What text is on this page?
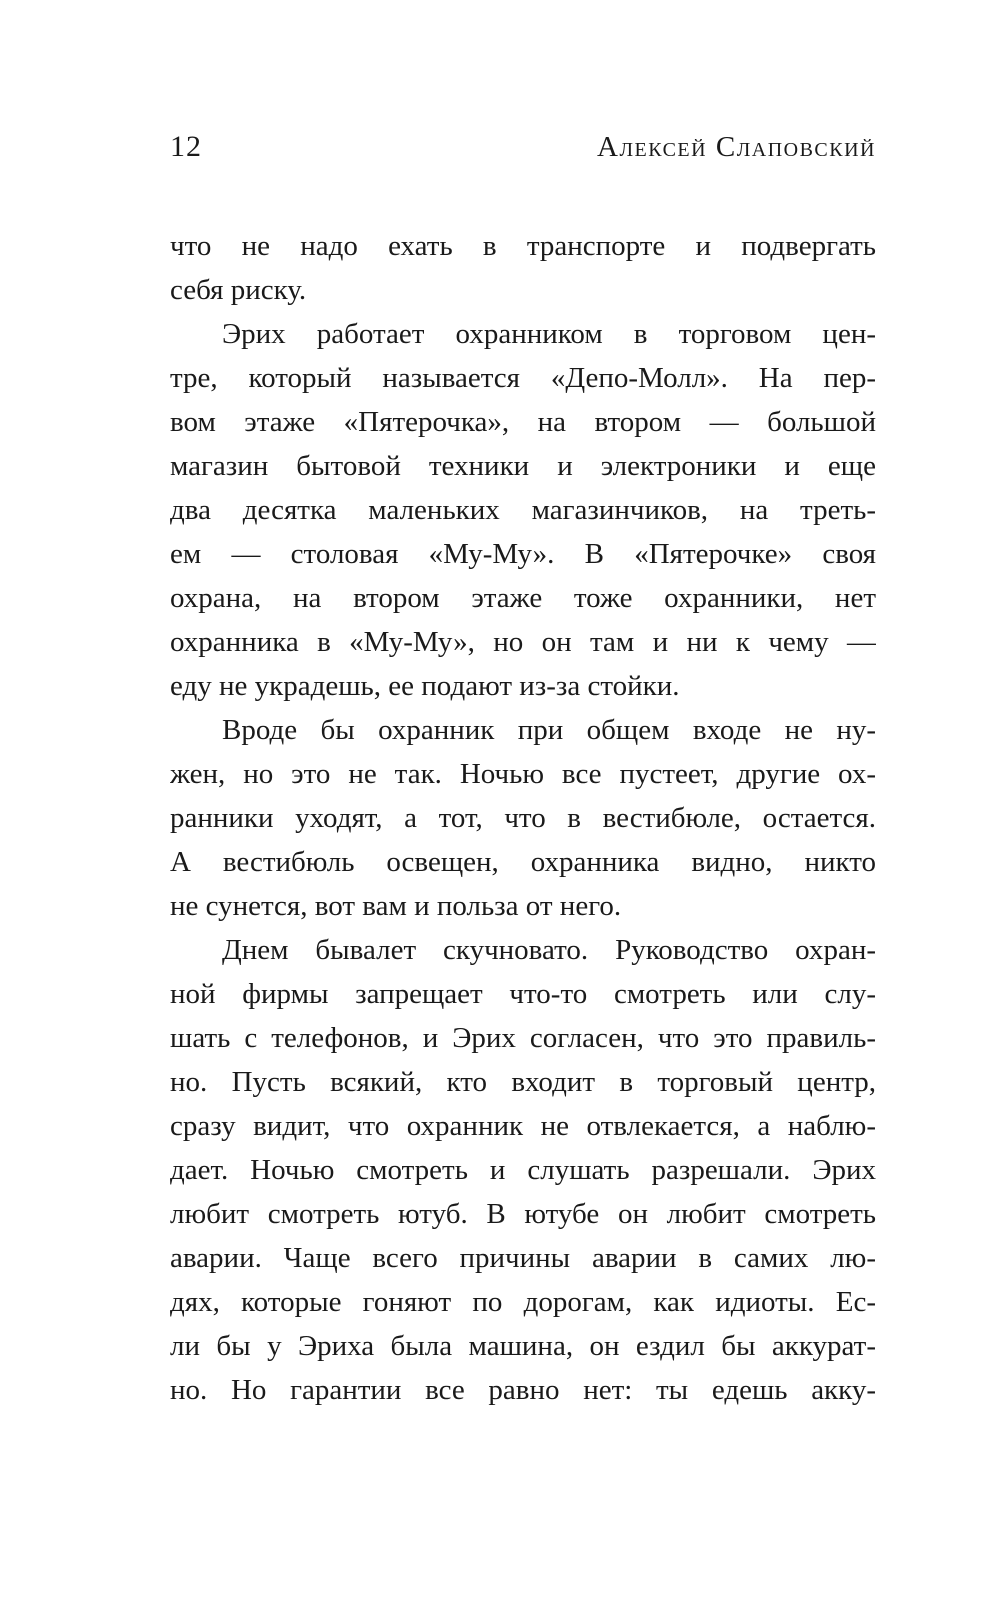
12	Алексей Слаповский
что не надо ехать в транспорте и подвергать
себя риску.
Эрих работает охранником в торговом цен-
тре, который называется «Депо-Молл». На пер-
вом этаже «Пятерочка», на втором — большой
магазин бытовой техники и электроники и еще
два десятка маленьких магазинчиков, на треть-
ем — столовая «Му-Му». В «Пятерочке» своя
охрана, на втором этаже тоже охранники, нет
охранника в «Му-Му», но он там и ни к чему —
еду не украдешь, ее подают из-за стойки.
Вроде бы охранник при общем входе не ну-
жен, но это не так. Ночью все пустеет, другие ох-
ранники уходят, а тот, что в вестибюле, остается.
А вестибюль освещен, охранника видно, никто
не сунется, вот вам и польза от него.
Днем бывалет скучновато. Руководство охран-
ной фирмы запрещает что-то смотреть или слу-
шать с телефонов, и Эрих согласен, что это правиль-
но. Пусть всякий, кто входит в торговый центр,
сразу видит, что охранник не отвлекается, а наблю-
дает. Ночью смотреть и слушать разрешали. Эрих
любит смотреть ютуб. В ютубе он любит смотреть
аварии. Чаще всего причины аварии в самих лю-
дях, которые гоняют по дорогам, как идиоты. Ес-
ли бы у Эриха была машина, он ездил бы аккурат-
но. Но гарантии все равно нет: ты едешь акку-
